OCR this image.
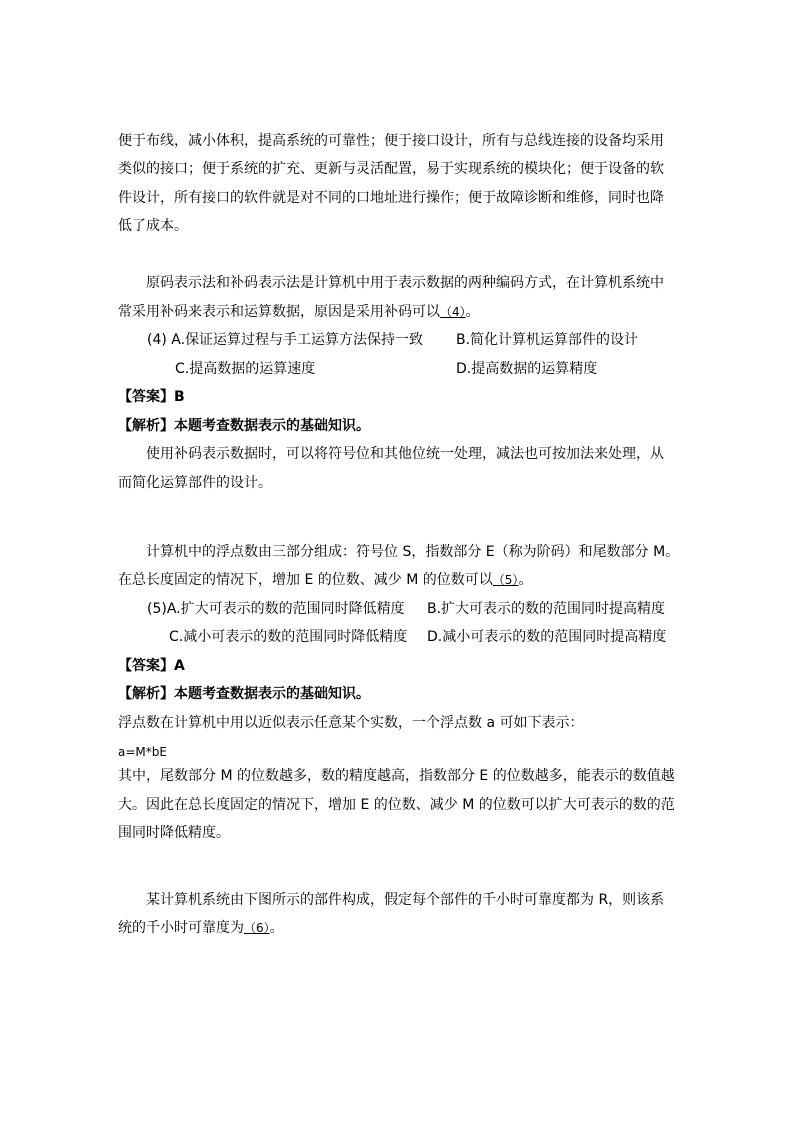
便于布线，减小体积，提高系统的可靠性；便于接口设计，所有与总线连接的设备均采用
类似的接口；便于系统的扩充、更新与灵活配置，易于实现系统的模块化；便于设备的软
件设计，所有接口的软件就是对不同的口地址进行操作；便于故障诊断和维修，同时也降
低了成本。
原码表示法和补码表示法是计算机中用于表示数据的两种编码方式，在计算机系统中
常采用补码来表示和运算数据，原因是采用补码可以（4）。
(4) A.保证运算过程与手工运算方法保持一致 B.简化计算机运算部件的设计
C.提高数据的运算速度	D.提高数据的运算精度
【答案】B
【解析】本题考查数据表示的基础知识。
使用补码表示数据时，可以将符号位和其他位统一处理，减法也可按加法来处理，从
而简化运算部件的设计。
计算机中的浮点数由三部分组成：符号位 S，指数部分 E（称为阶码）和尾数部分 M。
在总长度固定的情况下，增加 E 的位数、减少 M 的位数可以（5）。
(5)A.扩大可表示的数的范围同时降低精度 B.扩大可表示的数的范围同时提高精度
C.减小可表示的数的范围同时降低精度 D.减小可表示的数的范围同时提高精度
【答案】A
【解析】本题考查数据表示的基础知识。
浮点数在计算机中用以近似表示任意某个实数，一个浮点数 a 可如下表示：
a=M*bE
其中，尾数部分 M 的位数越多，数的精度越高，指数部分 E 的位数越多，能表示的数值越
大。因此在总长度固定的情况下，增加 E 的位数、减少 M 的位数可以扩大可表示的数的范
围同时降低精度。
某计算机系统由下图所示的部件构成，假定每个部件的千小时可靠度都为 R，则该系
统的千小时可靠度为（6）。
